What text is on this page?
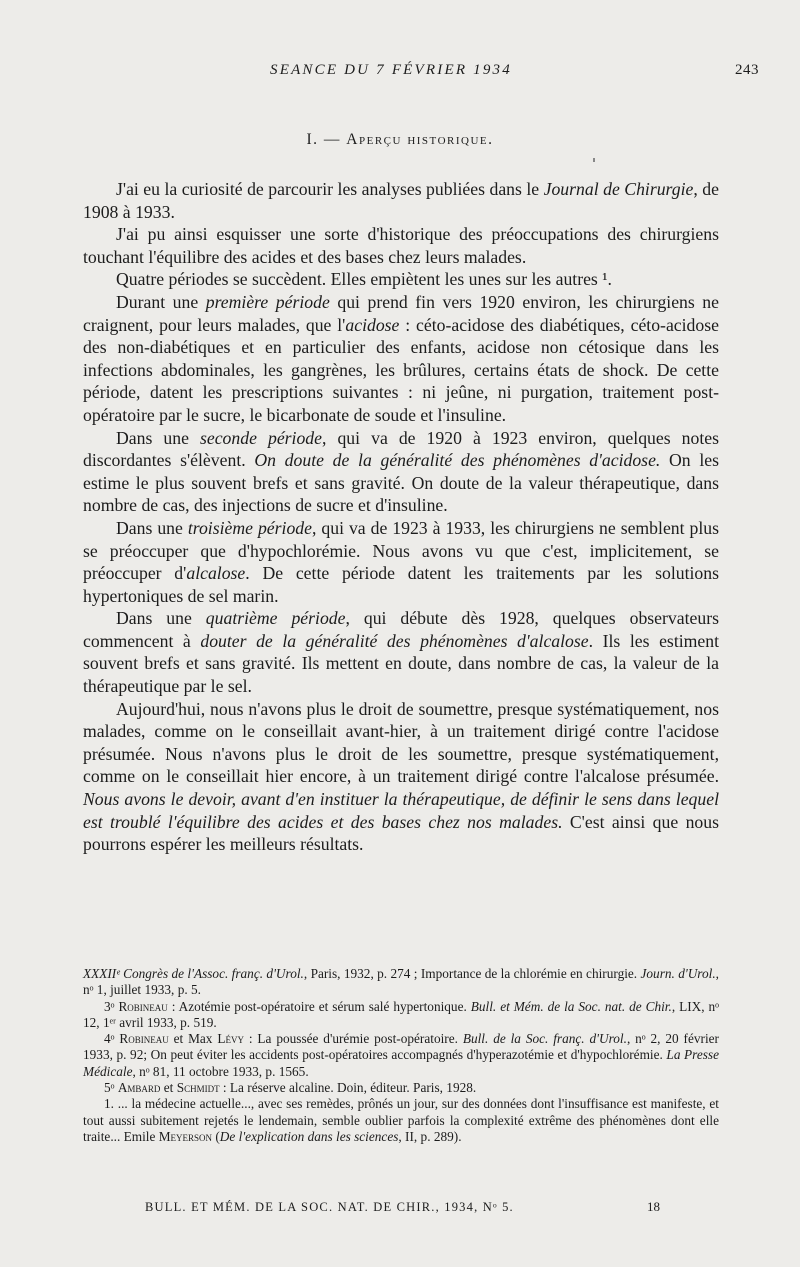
SEANCE DU 7 FÉVRIER 1934	243
I. — Aperçu historique.

J'ai eu la curiosité de parcourir les analyses publiées dans le Journal de Chirurgie, de 1908 à 1933.

J'ai pu ainsi esquisser une sorte d'historique des préoccupations des chirurgiens touchant l'équilibre des acides et des bases chez leurs malades.

Quatre périodes se succèdent. Elles empiètent les unes sur les autres ¹.

Durant une première période qui prend fin vers 1920 environ, les chirurgiens ne craignent, pour leurs malades, que l'acidose : céto-acidose des diabétiques, céto-acidose des non-diabétiques et en particulier des enfants, acidose non cétosique dans les infections abdominales, les gangrènes, les brûlures, certains états de shock. De cette période, datent les prescriptions suivantes : ni jeûne, ni purgation, traitement post-opératoire par le sucre, le bicarbonate de soude et l'insuline.

Dans une seconde période, qui va de 1920 à 1923 environ, quelques notes discordantes s'élèvent. On doute de la généralité des phénomènes d'acidose. On les estime le plus souvent brefs et sans gravité. On doute de la valeur thérapeutique, dans nombre de cas, des injections de sucre et d'insuline.

Dans une troisième période, qui va de 1923 à 1933, les chirurgiens ne semblent plus se préoccuper que d'hypochlorémie. Nous avons vu que c'est, implicitement, se préoccuper d'alcalose. De cette période datent les traitements par les solutions hypertoniques de sel marin.

Dans une quatrième période, qui débute dès 1928, quelques observateurs commencent à douter de la généralité des phénomènes d'alcalose. Ils les estiment souvent brefs et sans gravité. Ils mettent en doute, dans nombre de cas, la valeur de la thérapeutique par le sel.

Aujourd'hui, nous n'avons plus le droit de soumettre, presque systématiquement, nos malades, comme on le conseillait avant-hier, à un traitement dirigé contre l'acidose présumée. Nous n'avons plus le droit de les soumettre, presque systématiquement, comme on le conseillait hier encore, à un traitement dirigé contre l'alcalose présumée. Nous avons le devoir, avant d'en instituer la thérapeutique, de définir le sens dans lequel est troublé l'équilibre des acides et des bases chez nos malades. C'est ainsi que nous pourrons espérer les meilleurs résultats.

XXXIIᵉ Congrès de l'Assoc. franç. d'Urol., Paris, 1932, p. 274 ; Importance de la chlorémie en chirurgie. Journ. d'Urol., nᵒ 1, juillet 1933, p. 5.

3ᵒ Robineau : Azotémie post-opératoire et sérum salé hypertonique. Bull. et Mém. de la Soc. nat. de Chir., LIX, nᵒ 12, 1ᵉʳ avril 1933, p. 519.

4ᵒ Robineau et Max Lévy : La poussée d'urémie post-opératoire. Bull. de la Soc. franç. d'Urol., nᵒ 2, 20 février 1933, p. 92; On peut éviter les accidents post-opératoires accompagnés d'hyperazotémie et d'hypochlorémie. La Presse Médicale, nᵒ 81, 11 octobre 1933, p. 1565.

5ᵒ Ambard et Schmidt : La réserve alcaline. Doin, éditeur. Paris, 1928.

1. ... la médecine actuelle..., avec ses remèdes, prônés un jour, sur des données dont l'insuffisance est manifeste, et tout aussi subitement rejetés le lendemain, semble oublier parfois la complexité extrême des phénomènes dont elle traite... Emile Meyerson (De l'explication dans les sciences, II, p. 289).

BULL. ET MÉM. DE LA SOC. NAT. DE CHIR., 1934, Nᵒ 5.	18
